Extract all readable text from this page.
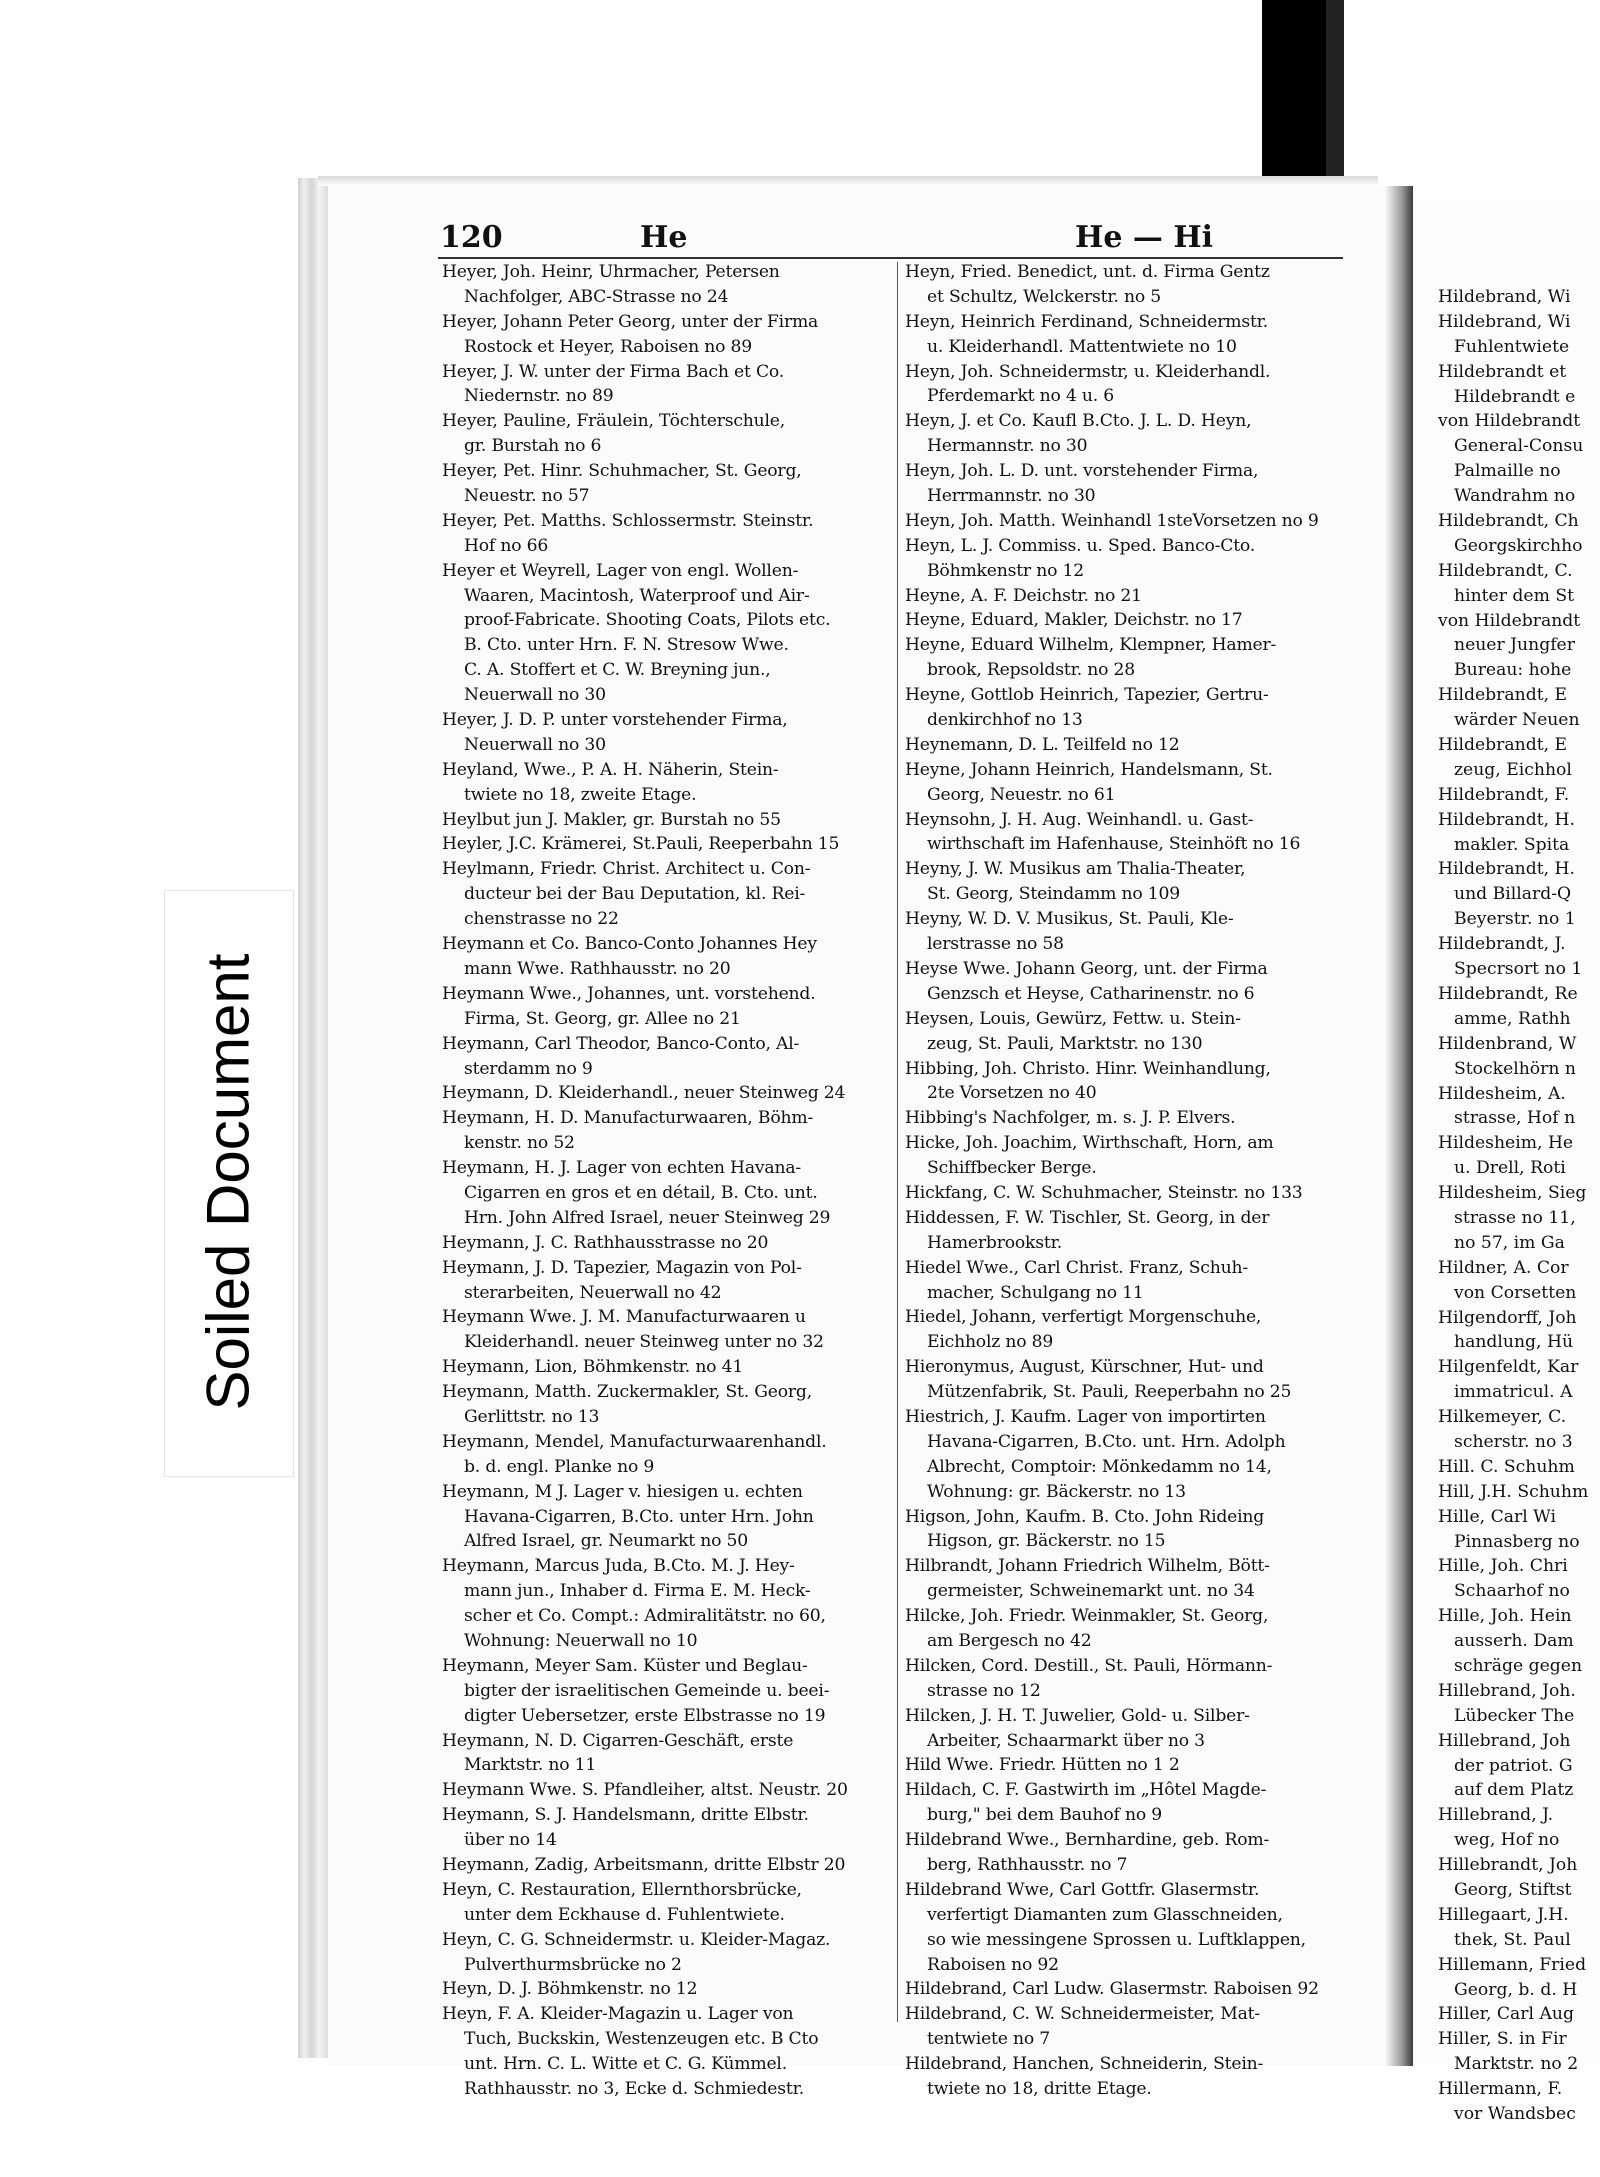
Soiled Document
120	He	He — Hi
Heyer, Joh. Heinr, Uhrmacher, Petersen
Nachfolger, ABC-Strasse no 24
Heyer, Johann Peter Georg, unter der Firma
Rostock et Heyer, Raboisen no 89
Heyer, J. W. unter der Firma Bach et Co.
Niedernstr. no 89
Heyer, Pauline, Fräulein, Töchterschule,
gr. Burstah no 6
Heyer, Pet. Hinr. Schuhmacher, St. Georg,
Neuestr. no 57
Heyer, Pet. Matths. Schlossermstr. Steinstr.
Hof no 66
Heyer et Weyrell, Lager von engl. Wollen-
Waaren, Macintosh, Waterproof und Air-
proof-Fabricate. Shooting Coats, Pilots etc.
B. Cto. unter Hrn. F. N. Stresow Wwe.
C. A. Stoffert et C. W. Breyning jun.,
Neuerwall no 30
Heyer, J. D. P. unter vorstehender Firma,
Neuerwall no 30
Heyland, Wwe., P. A. H. Näherin, Stein-
twiete no 18, zweite Etage.
Heylbut jun J. Makler, gr. Burstah no 55
Heyler, J.C. Krämerei, St.Pauli, Reeperbahn 15
Heylmann, Friedr. Christ. Architect u. Con-
ducteur bei der Bau Deputation, kl. Rei-
chenstrasse no 22
Heymann et Co. Banco-Conto Johannes Hey
mann Wwe. Rathhausstr. no 20
Heymann Wwe., Johannes, unt. vorstehend.
Firma, St. Georg, gr. Allee no 21
Heymann, Carl Theodor, Banco-Conto, Al-
sterdamm no 9
Heymann, D. Kleiderhandl., neuer Steinweg 24
Heymann, H. D. Manufacturwaaren, Böhm-
kenstr. no 52
Heymann, H. J. Lager von echten Havana-
Cigarren en gros et en détail, B. Cto. unt.
Hrn. John Alfred Israel, neuer Steinweg 29
Heymann, J. C. Rathhausstrasse no 20
Heymann, J. D. Tapezier, Magazin von Pol-
sterarbeiten, Neuerwall no 42
Heymann Wwe. J. M. Manufacturwaaren u
Kleiderhandl. neuer Steinweg unter no 32
Heymann, Lion, Böhmkenstr. no 41
Heymann, Matth. Zuckermakler, St. Georg,
Gerlittstr. no 13
Heymann, Mendel, Manufacturwaarenhandl.
b. d. engl. Planke no 9
Heymann, M J. Lager v. hiesigen u. echten
Havana-Cigarren, B.Cto. unter Hrn. John
Alfred Israel, gr. Neumarkt no 50
Heymann, Marcus Juda, B.Cto. M. J. Hey-
mann jun., Inhaber d. Firma E. M. Heck-
scher et Co. Compt.: Admiralitätstr. no 60,
Wohnung: Neuerwall no 10
Heymann, Meyer Sam. Küster und Beglau-
bigter der israelitischen Gemeinde u. beei-
digter Uebersetzer, erste Elbstrasse no 19
Heymann, N. D. Cigarren-Geschäft, erste
Marktstr. no 11
Heymann Wwe. S. Pfandleiher, altst. Neustr. 20
Heymann, S. J. Handelsmann, dritte Elbstr.
über no 14
Heymann, Zadig, Arbeitsmann, dritte Elbstr 20
Heyn, C. Restauration, Ellernthorsbrücke,
unter dem Eckhause d. Fuhlentwiete.
Heyn, C. G. Schneidermstr. u. Kleider-Magaz.
Pulverthurmsbrücke no 2
Heyn, D. J. Böhmkenstr. no 12
Heyn, F. A. Kleider-Magazin u. Lager von
Tuch, Buckskin, Westenzeugen etc. B Cto
unt. Hrn. C. L. Witte et C. G. Kümmel.
Rathhausstr. no 3, Ecke d. Schmiedestr.
Heyn, Fried. Benedict, unt. d. Firma Gentz
et Schultz, Welckerstr. no 5
Heyn, Heinrich Ferdinand, Schneidermstr.
u. Kleiderhandl. Mattentwiete no 10
Heyn, Joh. Schneidermstr, u. Kleiderhandl.
Pferdemarkt no 4 u. 6
Heyn, J. et Co. Kaufl B.Cto. J. L. D. Heyn,
Hermannstr. no 30
Heyn, Joh. L. D. unt. vorstehender Firma,
Herrmannstr. no 30
Heyn, Joh. Matth. Weinhandl 1steVorsetzen no 9
Heyn, L. J. Commiss. u. Sped. Banco-Cto.
Böhmkenstr no 12
Heyne, A. F. Deichstr. no 21
Heyne, Eduard, Makler, Deichstr. no 17
Heyne, Eduard Wilhelm, Klempner, Hamer-
brook, Repsoldstr. no 28
Heyne, Gottlob Heinrich, Tapezier, Gertru-
denkirchhof no 13
Heynemann, D. L. Teilfeld no 12
Heyne, Johann Heinrich, Handelsmann, St.
Georg, Neuestr. no 61
Heynsohn, J. H. Aug. Weinhandl. u. Gast-
wirthschaft im Hafenhause, Steinhöft no 16
Heyny, J. W. Musikus am Thalia-Theater,
St. Georg, Steindamm no 109
Heyny, W. D. V. Musikus, St. Pauli, Kle-
lerstrasse no 58
Heyse Wwe. Johann Georg, unt. der Firma
Genzsch et Heyse, Catharinenstr. no 6
Heysen, Louis, Gewürz, Fettw. u. Stein-
zeug, St. Pauli, Marktstr. no 130
Hibbing, Joh. Christo. Hinr. Weinhandlung,
2te Vorsetzen no 40
Hibbing's Nachfolger, m. s. J. P. Elvers.
Hicke, Joh. Joachim, Wirthschaft, Horn, am
Schiffbecker Berge.
Hickfang, C. W. Schuhmacher, Steinstr. no 133
Hiddessen, F. W. Tischler, St. Georg, in der
Hamerbrookstr.
Hiedel Wwe., Carl Christ. Franz, Schuh-
macher, Schulgang no 11
Hiedel, Johann, verfertigt Morgenschuhe,
Eichholz no 89
Hieronymus, August, Kürschner, Hut- und
Mützenfabrik, St. Pauli, Reeperbahn no 25
Hiestrich, J. Kaufm. Lager von importirten
Havana-Cigarren, B.Cto. unt. Hrn. Adolph
Albrecht, Comptoir: Mönkedamm no 14,
Wohnung: gr. Bäckerstr. no 13
Higson, John, Kaufm. B. Cto. John Rideing
Higson, gr. Bäckerstr. no 15
Hilbrandt, Johann Friedrich Wilhelm, Bött-
germeister, Schweinemarkt unt. no 34
Hilcke, Joh. Friedr. Weinmakler, St. Georg,
am Bergesch no 42
Hilcken, Cord. Destill., St. Pauli, Hörmann-
strasse no 12
Hilcken, J. H. T. Juwelier, Gold- u. Silber-
Arbeiter, Schaarmarkt über no 3
Hild Wwe. Friedr. Hütten no 1 2
Hildach, C. F. Gastwirth im „Hôtel Magde-
burg," bei dem Bauhof no 9
Hildebrand Wwe., Bernhardine, geb. Rom-
berg, Rathhausstr. no 7
Hildebrand Wwe, Carl Gottfr. Glasermstr.
verfertigt Diamanten zum Glasschneiden,
so wie messingene Sprossen u. Luftklappen,
Raboisen no 92
Hildebrand, Carl Ludw. Glasermstr. Raboisen 92
Hildebrand, C. W. Schneidermeister, Mat-
tentwiete no 7
Hildebrand, Hanchen, Schneiderin, Stein-
twiete no 18, dritte Etage.
Hildebrand, Wi
Hildebrand, Wi
Fuhlentwiete
Hildebrandt et
Hildebrandt e
von Hildebrandt
General-Consu
Palmaille no
Wandrahm no
Hildebrandt, Ch
Georgskirchho
Hildebrandt, C.
hinter dem St
von Hildebrandt
neuer Jungfer
Bureau: hohe
Hildebrandt, E
wärder Neuen
Hildebrandt, E
zeug, Eichhol
Hildebrandt, F.
Hildebrandt, H.
makler. Spita
Hildebrandt, H.
und Billard-Q
Beyerstr. no 1
Hildebrandt, J.
Specrsort no 1
Hildebrandt, Re
amme, Rathh
Hildenbrand, W
Stockelhörn n
Hildesheim, A.
strasse, Hof n
Hildesheim, He
u. Drell, Roti
Hildesheim, Sieg
strasse no 11,
no 57, im Ga
Hildner, A. Cor
von Corsetten
Hilgendorff, Joh
handlung, Hü
Hilgenfeldt, Kar
immatricul. A
Hilkemeyer, C.
scherstr. no 3
Hill. C. Schuhm
Hill, J.H. Schuhm
Hille, Carl Wi
Pinnasberg no
Hille, Joh. Chri
Schaarhof no
Hille, Joh. Hein
ausserh. Dam
schräge gegen
Hillebrand, Joh.
Lübecker The
Hillebrand, Joh
der patriot. G
auf dem Platz
Hillebrand, J.
weg, Hof no
Hillebrandt, Joh
Georg, Stiftst
Hillegaart, J.H.
thek, St. Paul
Hillemann, Fried
Georg, b. d. H
Hiller, Carl Aug
Hiller, S. in Fir
Marktstr. no 2
Hillermann, F.
vor Wandsbec
